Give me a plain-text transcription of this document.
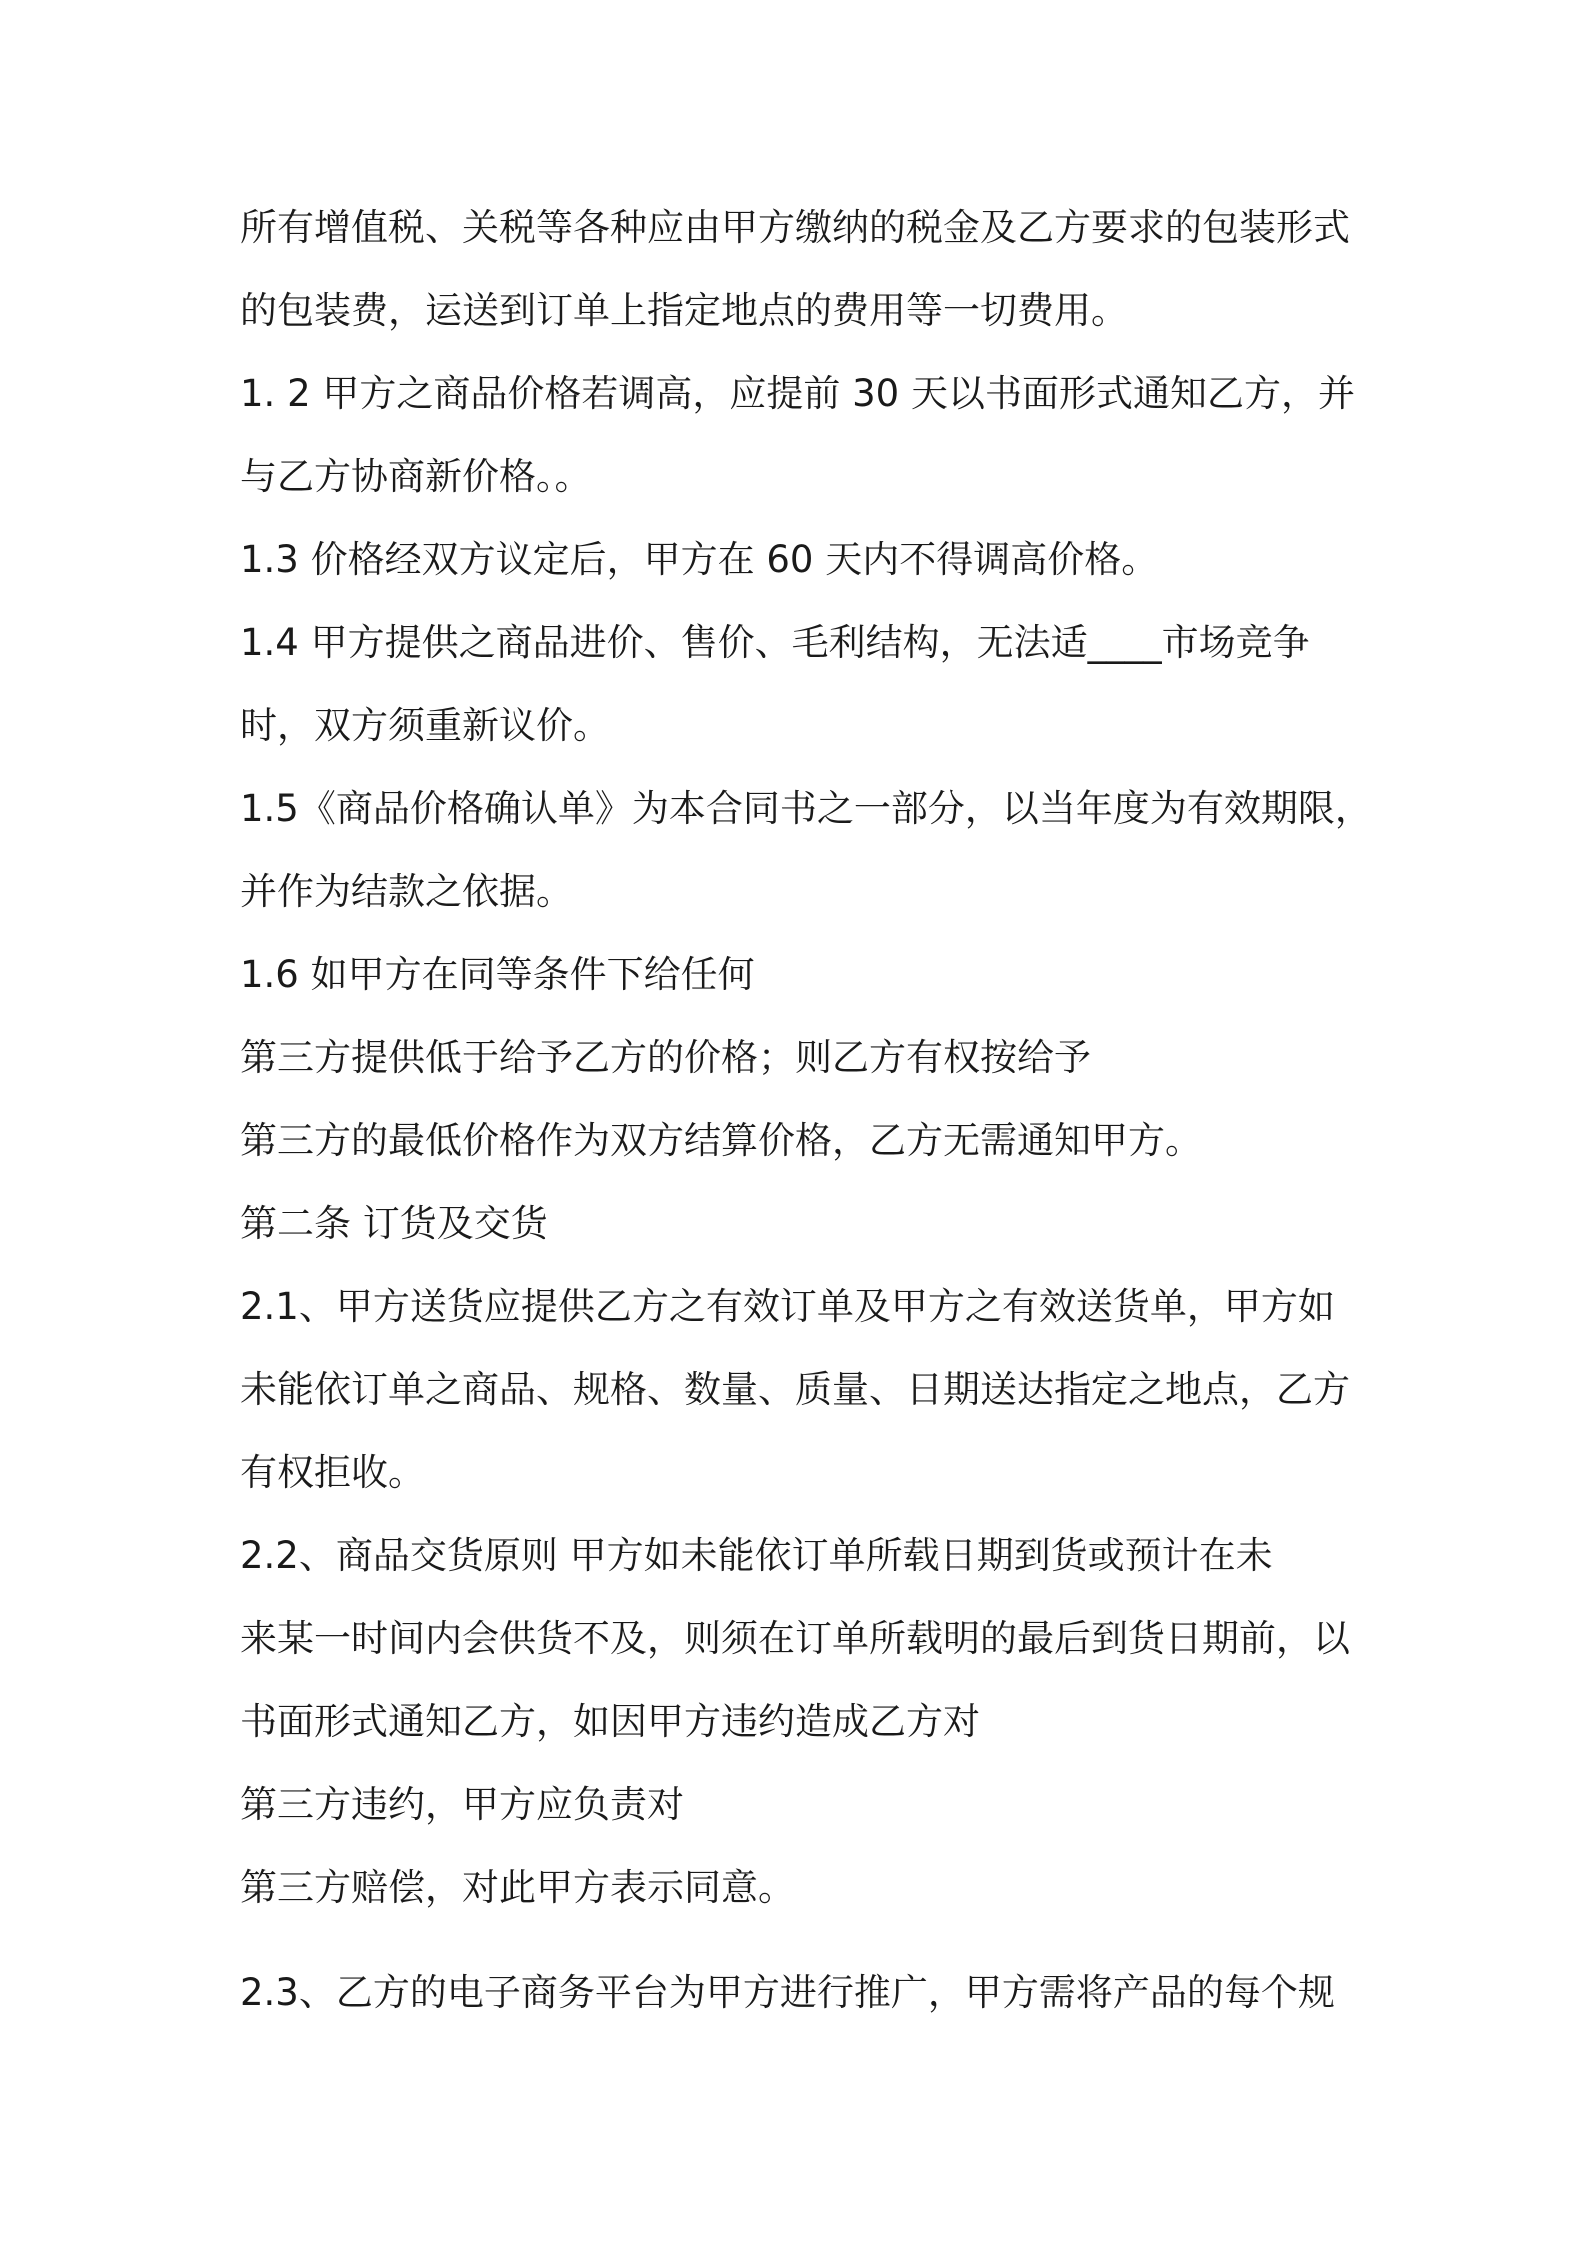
所有增值税、关税等各种应由甲方缴纳的税金及乙方要求的包装形式
的包装费，运送到订单上指定地点的费用等一切费用。
1. 2 甲方之商品价格若调高，应提前 30 天以书面形式通知乙方，并
与乙方协商新价格。。
1.3 价格经双方议定后，甲方在 60 天内不得调高价格。
1.4 甲方提供之商品进价、售价、毛利结构，无法适____市场竞争
时，双方须重新议价。
1.5《商品价格确认单》为本合同书之一部分，以当年度为有效期限，
并作为结款之依据。
1.6 如甲方在同等条件下给任何
第三方提供低于给予乙方的价格；则乙方有权按给予
第三方的最低价格作为双方结算价格，乙方无需通知甲方。
第二条 订货及交货
2.1、甲方送货应提供乙方之有效订单及甲方之有效送货单，甲方如
未能依订单之商品、规格、数量、质量、日期送达指定之地点，乙方
有权拒收。
2.2、商品交货原则 甲方如未能依订单所载日期到货或预计在未
来某一时间内会供货不及，则须在订单所载明的最后到货日期前，以
书面形式通知乙方，如因甲方违约造成乙方对
第三方违约，甲方应负责对
第三方赔偿，对此甲方表示同意。
2.3、乙方的电子商务平台为甲方进行推广，甲方需将产品的每个规
